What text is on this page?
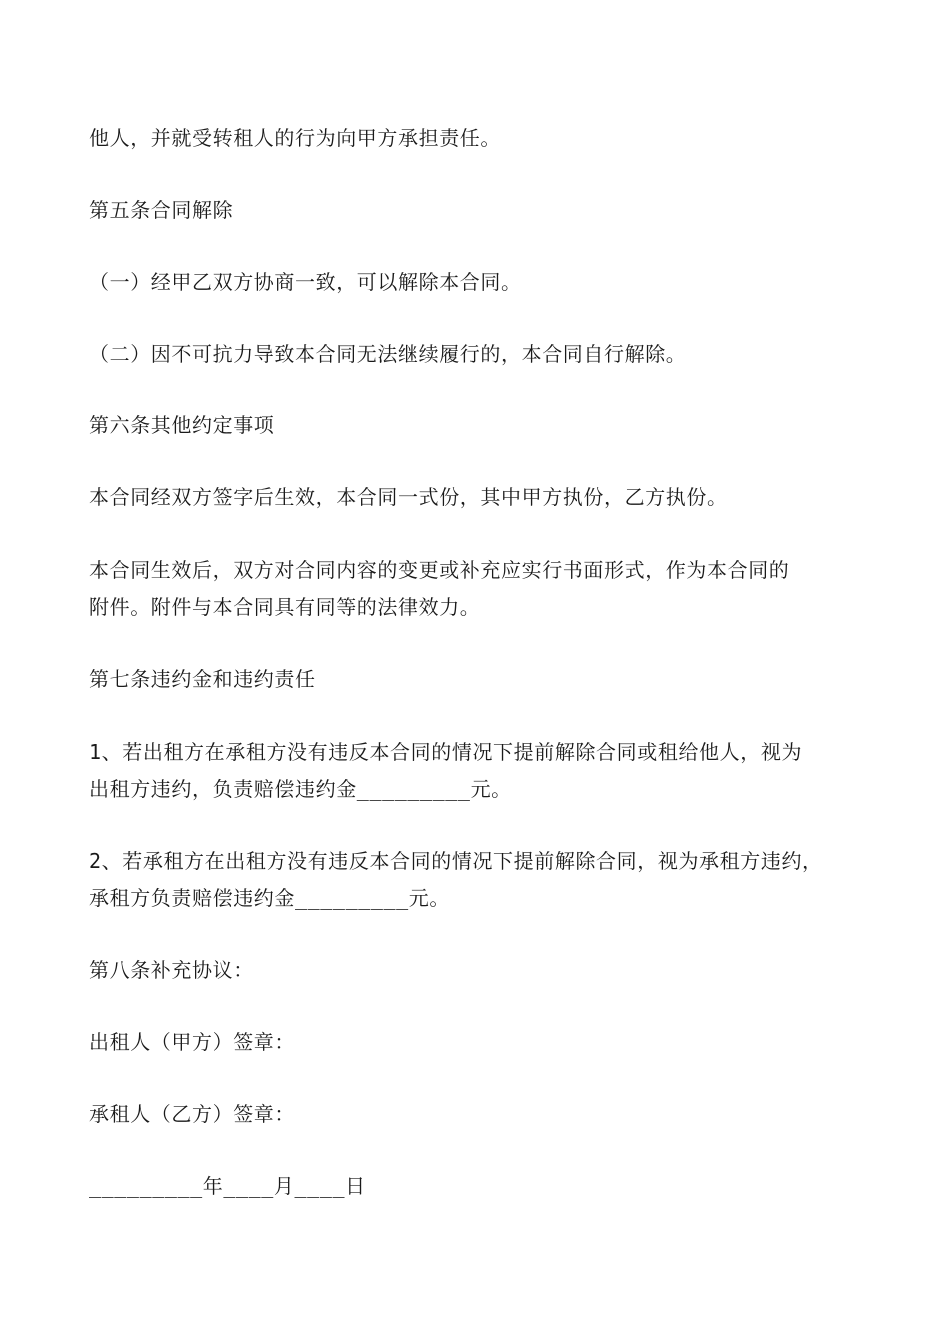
他人，并就受转租人的行为向甲方承担责任。

第五条合同解除

（一）经甲乙双方协商一致，可以解除本合同。

（二）因不可抗力导致本合同无法继续履行的，本合同自行解除。

第六条其他约定事项

本合同经双方签字后生效，本合同一式份，其中甲方执份，乙方执份。

本合同生效后，双方对合同内容的变更或补充应实行书面形式，作为本合同的

附件。附件与本合同具有同等的法律效力。

第七条违约金和违约责任

1、若出租方在承租方没有违反本合同的情况下提前解除合同或租给他人，视为

出租方违约，负责赔偿违约金_________元。

2、若承租方在出租方没有违反本合同的情况下提前解除合同，视为承租方违约，

承租方负责赔偿违约金_________元。

第八条补充协议：

出租人（甲方）签章：

承租人（乙方）签章：

_________年____月____日
